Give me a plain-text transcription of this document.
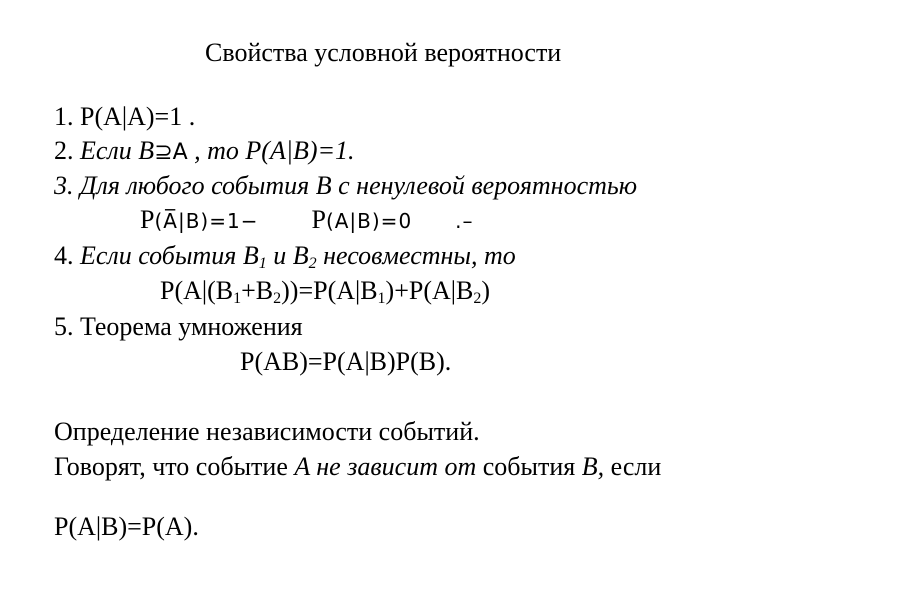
Свойства условной вероятности
1. P(A|A)=1 .
2. Если B⊇A , то P(A|B)=1.
3. Для любого события B с ненулевой вероятностью
P(A̅|B)=1− P(A|B)=0 .–
4. Если события $B_1$ и $B_2$ несовместны, то
$P(A|(B_1+B_2))=P(A|B_1)+P(A|B_2)$
5. Теорема умножения
P(AB)=P(A|B)P(B).
Определение независимости событий.
Говорят, что событие A не зависит от события B, если
P(A|B)=P(A).
